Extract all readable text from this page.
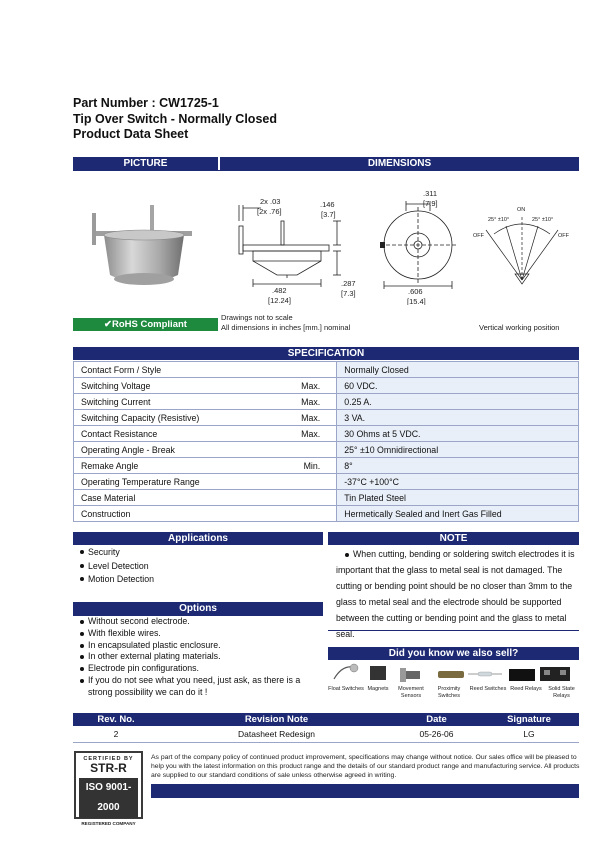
Part Number : CW1725-1
Tip Over Switch - Normally Closed
Product Data Sheet
PICTURE	DIMENSIONS
2x .03
[2x .76]
.146
[3.7]
.482
[12.24]
.287
[7.3]
.311
[7.9]
.606
[15.4]
ON
25° ±10°	25° ±10°
OFF	OFF
✔RoHS Compliant
Drawings not to scale
All dimensions in inches [mm.] nominal	Vertical working position
SPECIFICATION
Contact Form / Style		Normally Closed
Switching Voltage	Max.	60 VDC.
Switching Current	Max.	0.25 A.
Switching Capacity (Resistive)	Max.	3 VA.
Contact Resistance	Max.	30 Ohms at 5 VDC.
Operating Angle - Break		25° ±10 Omnidirectional
Remake Angle	Min.	8°
Operating Temperature Range		-37°C +100°C
Case Material		Tin Plated Steel
Construction		Hermetically Sealed and Inert Gas Filled
Applications
Security
Level Detection
Motion Detection
Options
Without second electrode.
With flexible wires.
In encapsulated plastic enclosure.
In other external plating materials.
Electrode pin configurations.
If you do not see what you need, just ask, as there is a
strong possibility we can do it !
NOTE
When cutting, bending or soldering switch electrodes it is important that the glass to metal seal is not damaged. The cutting or bending point should be no closer than 3mm to the glass to metal seal and the electrode should be supported between the cutting or bending point and the glass to metal seal.
Did you know we also sell?
Float Switches Magnets	Movement
Sensors
Proximity
Switches
Reed Switches Reed Relays	Solid State
Relays
Rev. No.	Revision Note	Date	Signature
2	Datasheet Redesign	05-26-06	LG
CERTIFIED BY
STR-R
ISO 9001-2000
REGISTERED COMPANY
As part of the company policy of continued product improvement, specifications may change without notice. Our sales office will be pleased to help you with the latest information on this product range and the details of our standard product range and manufacturing service. All products are supplied to our standard conditions of sale unless otherwise agreed in writing.
